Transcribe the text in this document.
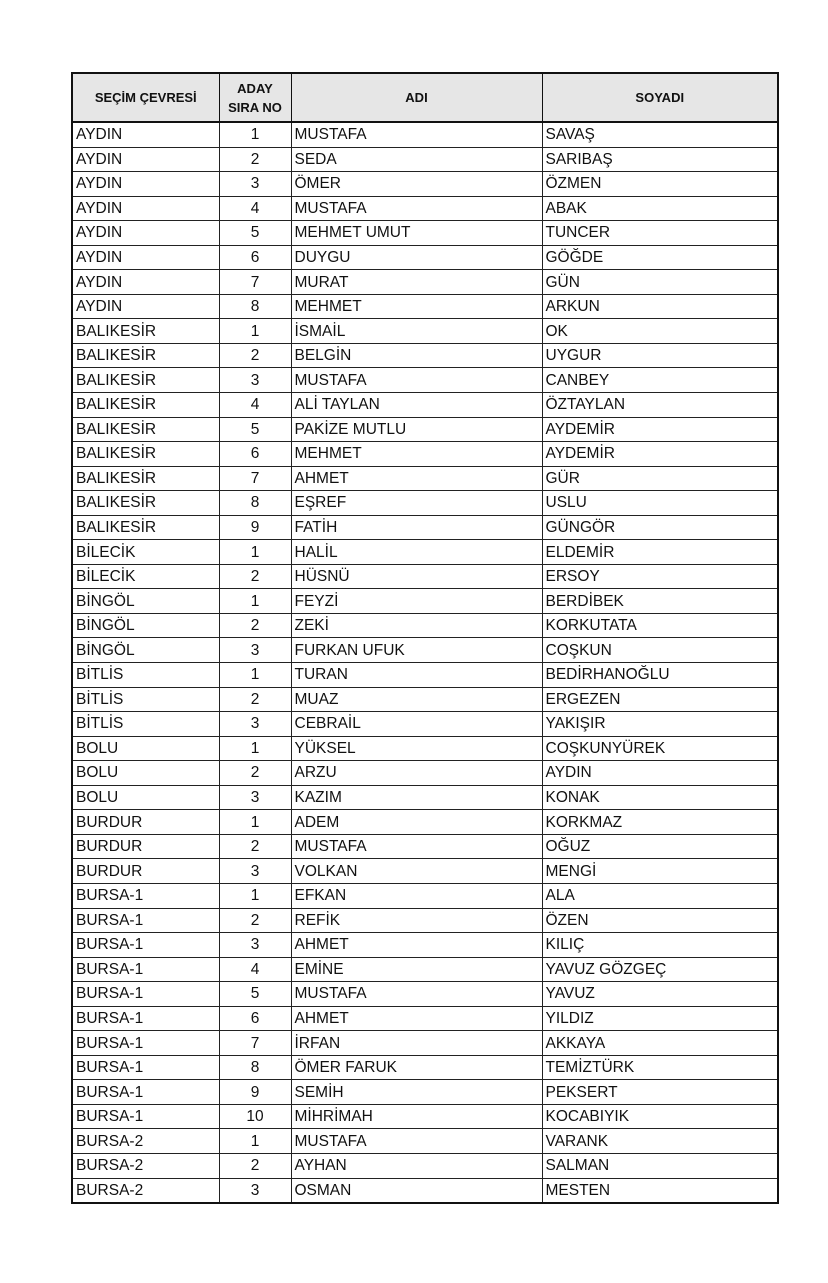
SEÇİM ÇEVRESİ	ADAY SIRA NO	ADI	SOYADI
AYDIN	1	MUSTAFA	SAVAŞ
AYDIN	2	SEDA	SARIBAŞ
AYDIN	3	ÖMER	ÖZMEN
AYDIN	4	MUSTAFA	ABAK
AYDIN	5	MEHMET UMUT	TUNCER
AYDIN	6	DUYGU	GÖĞDE
AYDIN	7	MURAT	GÜN
AYDIN	8	MEHMET	ARKUN
BALIKESİR	1	İSMAİL	OK
BALIKESİR	2	BELGİN	UYGUR
BALIKESİR	3	MUSTAFA	CANBEY
BALIKESİR	4	ALİ TAYLAN	ÖZTAYLAN
BALIKESİR	5	PAKİZE MUTLU	AYDEMİR
BALIKESİR	6	MEHMET	AYDEMİR
BALIKESİR	7	AHMET	GÜR
BALIKESİR	8	EŞREF	USLU
BALIKESİR	9	FATİH	GÜNGÖR
BİLECİK	1	HALİL	ELDEMİR
BİLECİK	2	HÜSNÜ	ERSOY
BİNGÖL	1	FEYZİ	BERDİBEK
BİNGÖL	2	ZEKİ	KORKUTATA
BİNGÖL	3	FURKAN UFUK	COŞKUN
BİTLİS	1	TURAN	BEDİRHANOĞLU
BİTLİS	2	MUAZ	ERGEZEN
BİTLİS	3	CEBRAİL	YAKIŞIR
BOLU	1	YÜKSEL	COŞKUNYÜREK
BOLU	2	ARZU	AYDIN
BOLU	3	KAZIM	KONAK
BURDUR	1	ADEM	KORKMAZ
BURDUR	2	MUSTAFA	OĞUZ
BURDUR	3	VOLKAN	MENGİ
BURSA-1	1	EFKAN	ALA
BURSA-1	2	REFİK	ÖZEN
BURSA-1	3	AHMET	KILIÇ
BURSA-1	4	EMİNE	YAVUZ GÖZGEÇ
BURSA-1	5	MUSTAFA	YAVUZ
BURSA-1	6	AHMET	YILDIZ
BURSA-1	7	İRFAN	AKKAYA
BURSA-1	8	ÖMER FARUK	TEMİZTÜRK
BURSA-1	9	SEMİH	PEKSERT
BURSA-1	10	MİHRİMAH	KOCABIYIK
BURSA-2	1	MUSTAFA	VARANK
BURSA-2	2	AYHAN	SALMAN
BURSA-2	3	OSMAN	MESTEN
